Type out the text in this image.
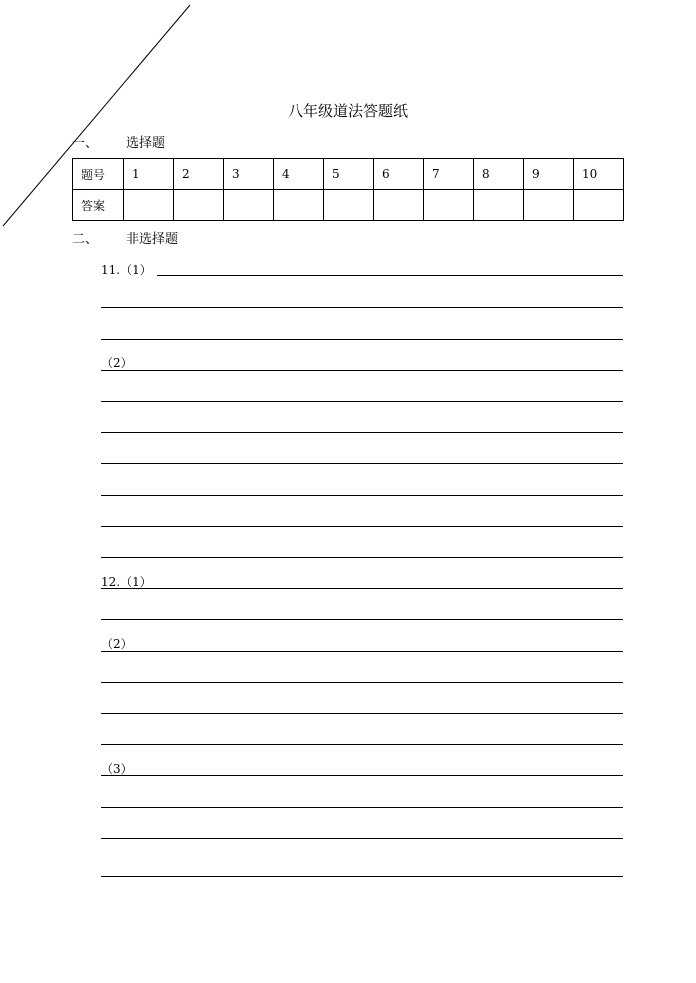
八年级道法答题纸
一、 选择题
题号	1	2	3	4	5	6	7	8	9	10
答案										
二、 非选择题
11.（1）
（2）
12.（1）
（2）
（3）
